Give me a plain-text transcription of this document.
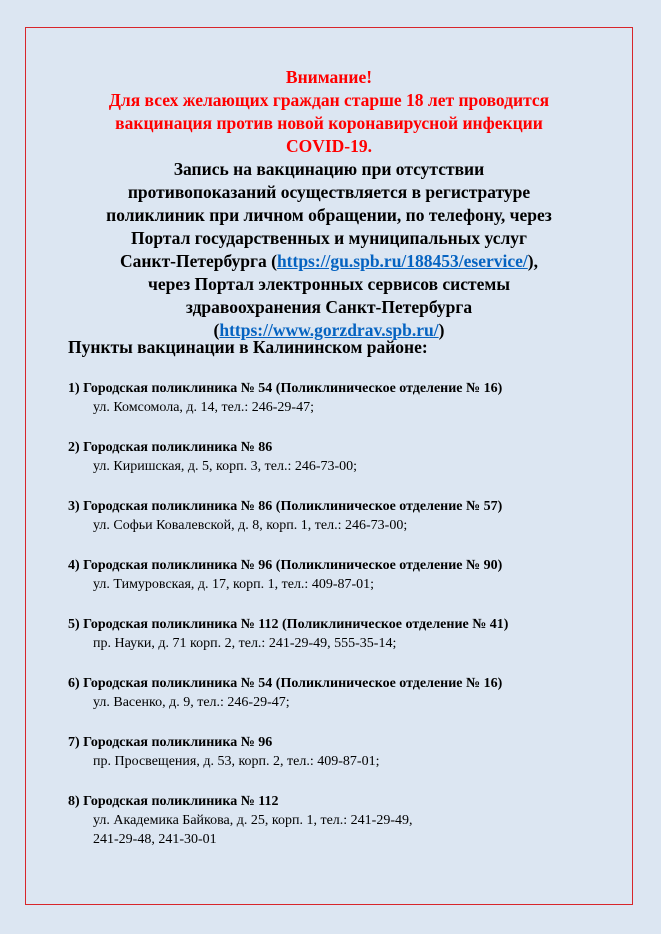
Внимание!
Для всех желающих граждан старше 18 лет проводится
вакцинация против новой коронавирусной инфекции
COVID-19.
Запись на вакцинацию при отсутствии
противопоказаний осуществляется в регистратуре
поликлиник при личном обращении, по телефону, через
Портал государственных и муниципальных услуг
Санкт-Петербурга (https://gu.spb.ru/188453/eservice/),
через Портал электронных сервисов системы
здравоохранения Санкт-Петербурга
(https://www.gorzdrav.spb.ru/)
Пункты вакцинации в Калининском районе:
1) Городская поликлиника № 54 (Поликлиническое отделение № 16)
ул. Комсомола, д. 14, тел.: 246-29-47;
2) Городская поликлиника № 86
ул. Киришская, д. 5, корп. 3, тел.: 246-73-00;
3) Городская поликлиника № 86 (Поликлиническое отделение № 57)
ул. Софьи Ковалевской, д. 8, корп. 1, тел.: 246-73-00;
4) Городская поликлиника № 96 (Поликлиническое отделение № 90)
ул. Тимуровская, д. 17, корп. 1, тел.: 409-87-01;
5) Городская поликлиника № 112 (Поликлиническое отделение № 41)
пр. Науки, д. 71 корп. 2, тел.: 241-29-49, 555-35-14;
6) Городская поликлиника № 54 (Поликлиническое отделение № 16)
ул. Васенко, д. 9, тел.: 246-29-47;
7) Городская поликлиника № 96
пр. Просвещения, д. 53, корп. 2, тел.: 409-87-01;
8) Городская поликлиника № 112
ул. Академика Байкова, д. 25, корп. 1, тел.: 241-29-49,
241-29-48, 241-30-01
